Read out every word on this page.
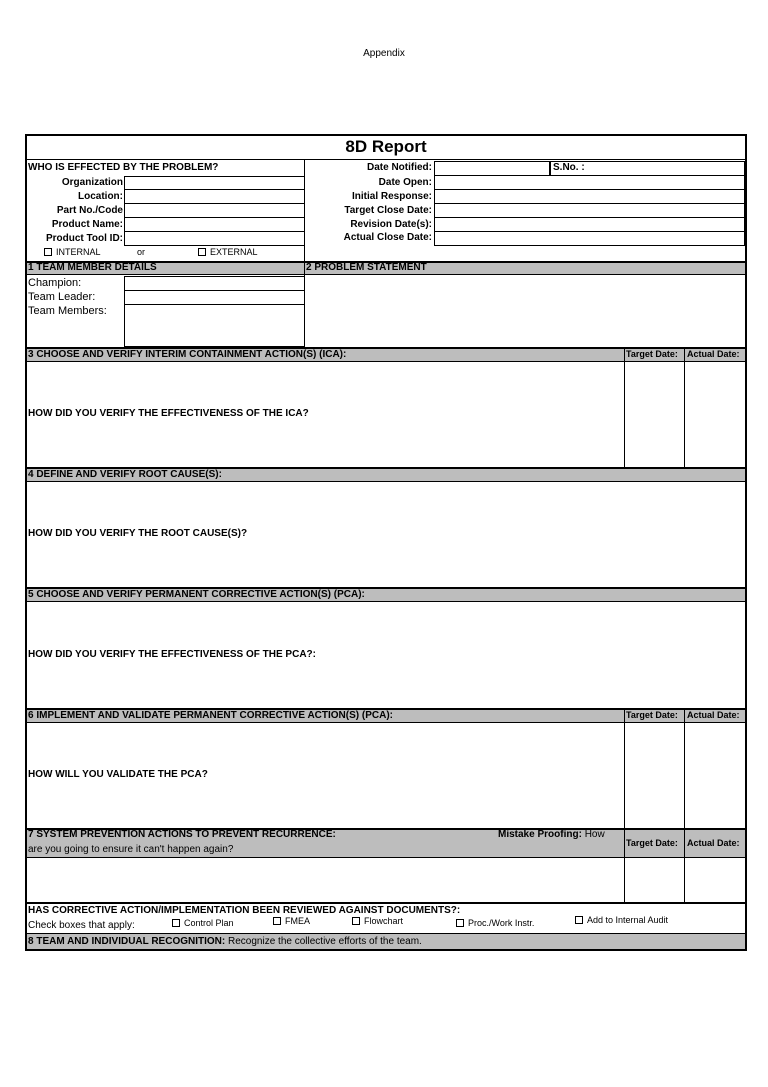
Appendix
8D Report
WHO IS EFFECTED BY THE PROBLEM?
Organization
Location:
Part No./Code
Product Name:
Product Tool ID:
INTERNAL	or	EXTERNAL
Date Notified:
Date Open:
Initial Response:
Target Close Date:
Revision Date(s):
Actual Close Date:
S.No. :
1 TEAM MEMBER DETAILS	2 PROBLEM STATEMENT
Champion:
Team Leader:
Team Members:
3 CHOOSE AND VERIFY INTERIM CONTAINMENT ACTION(S) (ICA):	Target Date: Actual Date:
HOW DID YOU VERIFY THE EFFECTIVENESS OF THE ICA?
4 DEFINE AND VERIFY ROOT CAUSE(S):
HOW DID YOU VERIFY THE ROOT CAUSE(S)?
5 CHOOSE AND VERIFY PERMANENT CORRECTIVE ACTION(S) (PCA):
HOW DID YOU VERIFY THE EFFECTIVENESS OF THE PCA?:
6 IMPLEMENT AND VALIDATE PERMANENT CORRECTIVE ACTION(S) (PCA):	Target Date: Actual Date:
HOW WILL YOU VALIDATE THE PCA?
7 SYSTEM PREVENTION ACTIONS TO PREVENT RECURRENCE:	Mistake Proofing: How
are you going to ensure it can't happen again?
Target Date: Actual Date:
HAS CORRECTIVE ACTION/IMPLEMENTATION BEEN REVIEWED AGAINST DOCUMENTS?:
Check boxes that apply:	Control Plan	FMEA	Flowchart	Proc./Work Instr.	Add to Internal Audit
8 TEAM AND INDIVIDUAL RECOGNITION: Recognize the collective efforts of the team.
